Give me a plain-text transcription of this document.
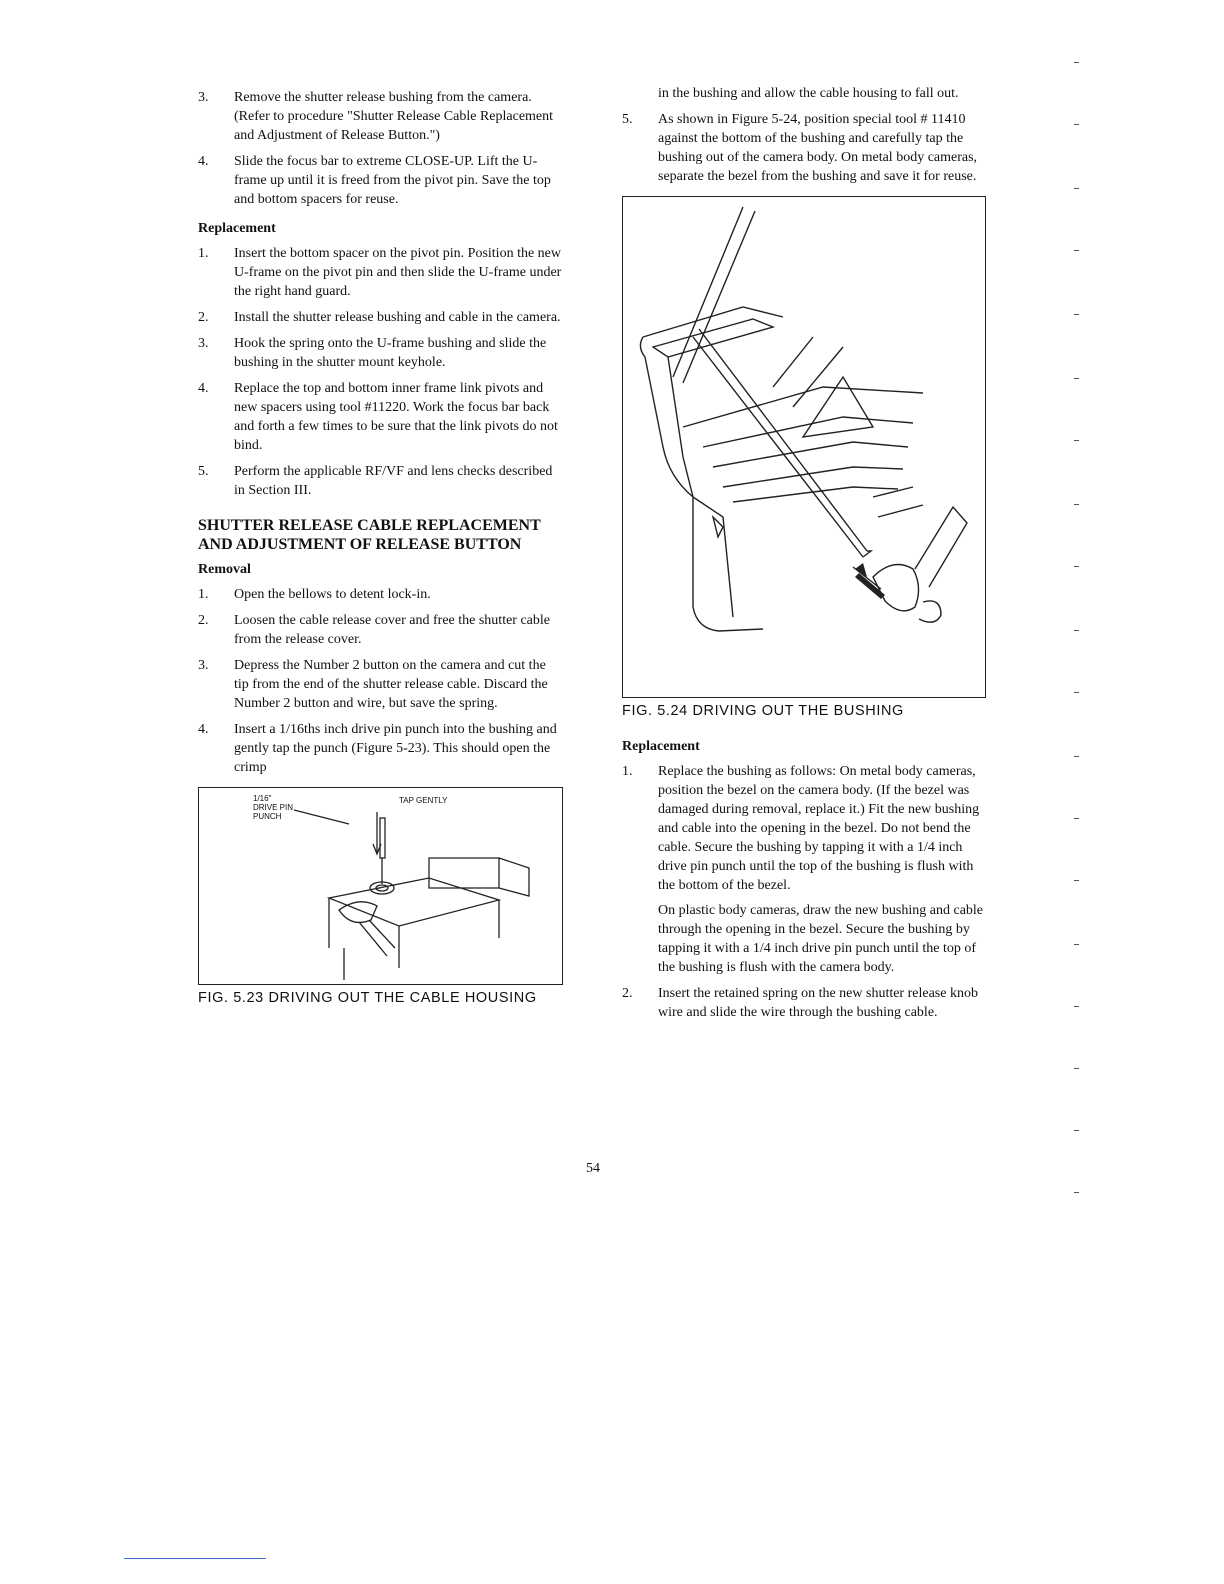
3.	Remove the shutter release bushing from the camera. (Refer to procedure "Shutter Release Cable Replacement and Adjustment of Release Button.")
4.	Slide the focus bar to extreme CLOSE-UP. Lift the U-frame up until it is freed from the pivot pin. Save the top and bottom spacers for reuse.
Replacement
1.	Insert the bottom spacer on the pivot pin. Position the new U-frame on the pivot pin and then slide the U-frame under the right hand guard.
2.	Install the shutter release bushing and cable in the camera.
3.	Hook the spring onto the U-frame bushing and slide the bushing in the shutter mount keyhole.
4.	Replace the top and bottom inner frame link pivots and new spacers using tool #11220. Work the focus bar back and forth a few times to be sure that the link pivots do not bind.
5.	Perform the applicable RF/VF and lens checks described in Section III.
SHUTTER RELEASE CABLE REPLACEMENT
AND ADJUSTMENT OF RELEASE BUTTON
Removal
1.	Open the bellows to detent lock-in.
2.	Loosen the cable release cover and free the shutter cable from the release cover.
3.	Depress the Number 2 button on the camera and cut the tip from the end of the shutter release cable. Discard the Number 2 button and wire, but save the spring.
4.	Insert a 1/16ths inch drive pin punch into the bushing and gently tap the punch (Figure 5-23). This should open the crimp
1/16"
DRIVE PIN
PUNCH
TAP GENTLY
FIG. 5.23 DRIVING OUT THE CABLE HOUSING
in the bushing and allow the cable housing to fall out.
5.	As shown in Figure 5-24, position special tool # 11410 against the bottom of the bushing and carefully tap the bushing out of the camera body. On metal body cameras, separate the bezel from the bushing and save it for reuse.
FIG. 5.24 DRIVING OUT THE BUSHING
Replacement
1.	Replace the bushing as follows: On metal body cameras, position the bezel on the camera body. (If the bezel was damaged during removal, replace it.) Fit the new bushing and cable into the opening in the bezel. Do not bend the cable. Secure the bushing by tapping it with a 1/4 inch drive pin punch until the top of the bushing is flush with the bottom of the bezel.
On plastic body cameras, draw the new bushing and cable through the opening in the bezel. Secure the bushing by tapping it with a 1/4 inch drive pin punch until the top of the bushing is flush with the camera body.
2.	Insert the retained spring on the new shutter release knob wire and slide the wire through the bushing cable.
54
